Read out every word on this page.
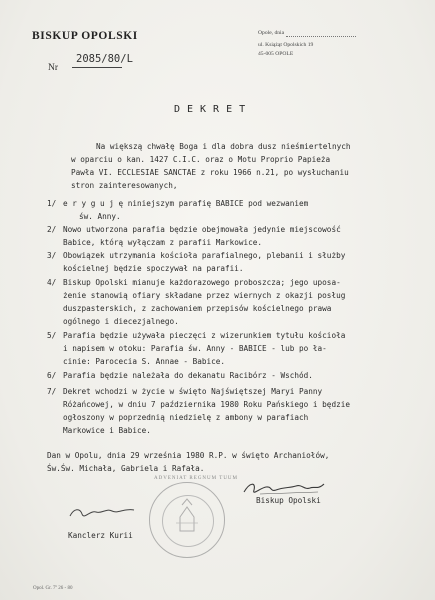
BISKUP OPOLSKI
Nr
2085/80/L
Opole, dnia
ul. Książąt Opolskich 19
45-005 OPOLE
DEKRET
Na większą chwałę Boga i dla dobra dusz nieśmiertelnych
w oparciu o kan. 1427 C.I.C. oraz o Motu Proprio Papieża
Pawła VI. ECCLESIAE SANCTAE z roku 1966 n.21, po wysłuchaniu
stron zainteresowanych,
1/ e r y g u j ę niniejszym parafię BABICE pod wezwaniem
św. Anny.
2/ Nowo utworzona parafia będzie obejmowała jedynie miejscowość
Babice, którą wyłączam z parafii Markowice.
3/ Obowiązek utrzymania kościoła parafialnego, plebanii i służby
kościelnej będzie spoczywał na parafii.
4/ Biskup Opolski mianuje każdorazowego proboszcza; jego uposa-
żenie stanowią ofiary składane przez wiernych z okazji posług
duszpasterskich, z zachowaniem przepisów kościelnego prawa
ogólnego i diecezjalnego.
5/ Parafia będzie używała pieczęci z wizerunkiem tytułu kościoła
i napisem w otoku: Parafia św. Anny - BABICE - lub po ła-
cinie: Parocecia S. Annae - Babice.
6/ Parafia będzie należała do dekanatu Racibórz - Wschód.
7/ Dekret wchodzi w życie w święto Najświętszej Maryi Panny
Różańcowej, w dniu 7 października 1980 Roku Pańskiego i będzie
ogłoszony w poprzednią niedzielę z ambony w parafiach
Markowice i Babice.
Dan w Opolu, dnia 29 września 1980 R.P. w święto Archaniołów,
Św.Św. Michała, Gabriela i Rafała.
Biskup Opolski
ADVENIAT REGNUM TUUM
Kanclerz Kurii
Opol. Gr. 7º 26 - 80
